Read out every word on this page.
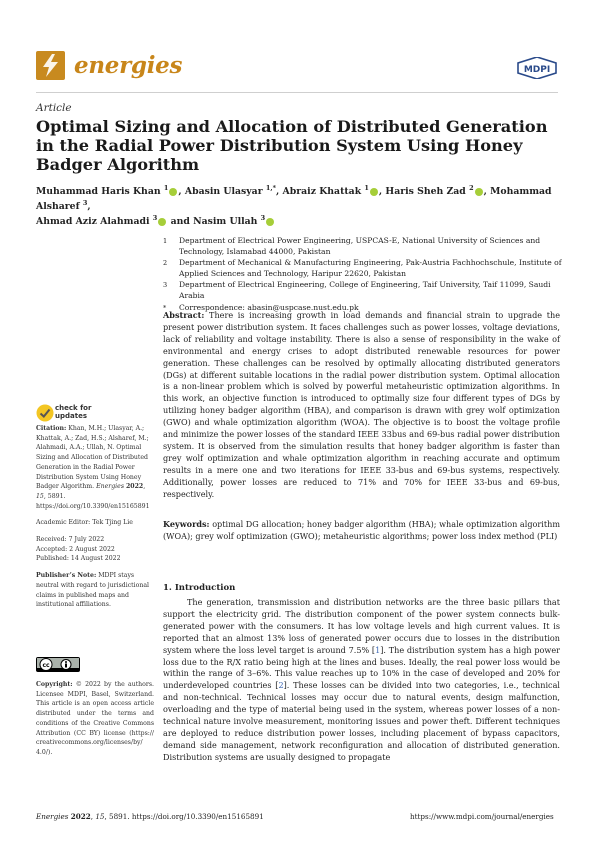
energies	MDPI
Article
Optimal Sizing and Allocation of Distributed Generation in the Radial Power Distribution System Using Honey Badger Algorithm
Muhammad Haris Khan $^1$ , Abasin Ulasyar $^{1,*}$, Abraiz Khattak $^1$ , Haris Sheh Zad $^2$ , Mohammad Alsharef $^3$,
Ahmad Aziz Alahmadi $^3$ and Nasim Ullah $^3$
1	Department of Electrical Power Engineering, USPCAS-E, National University of Sciences and Technology, Islamabad 44000, Pakistan
2	Department of Mechanical & Manufacturing Engineering, Pak-Austria Fachhochschule, Institute of Applied Sciences and Technology, Haripur 22620, Pakistan
3	Department of Electrical Engineering, College of Engineering, Taif University, Taif 11099, Saudi Arabia
*	Correspondence: abasin@uspcase.nust.edu.pk
Abstract: There is increasing growth in load demands and financial strain to upgrade the present power distribution system. It faces challenges such as power losses, voltage deviations, lack of reliability and voltage instability. There is also a sense of responsibility in the wake of environmental and energy crises to adopt distributed renewable resources for power generation. These challenges can be resolved by optimally allocating distributed generators (DGs) at different suitable locations in the radial power distribution system. Optimal allocation is a non-linear problem which is solved by powerful metaheuristic optimization algorithms. In this work, an objective function is introduced to optimally size four different types of DGs by utilizing honey badger algorithm (HBA), and comparison is drawn with grey wolf optimization (GWO) and whale optimization algorithm (WOA). The objective is to boost the voltage profile and minimize the power losses of the standard IEEE 33bus and 69-bus radial power distribution system. It is observed from the simulation results that honey badger algorithm is faster than grey wolf optimization and whale optimization algorithm in reaching accurate and optimum results in a mere one and two iterations for IEEE 33-bus and 69-bus systems, respectively. Additionally, power losses are reduced to 71% and 70% for IEEE 33-bus and 69-bus, respectively.
Keywords: optimal DG allocation; honey badger algorithm (HBA); whale optimization algorithm (WOA); grey wolf optimization (GWO); metaheuristic algorithms; power loss index method (PLI)
check for
updates

Citation: Khan, M.H.; Ulasyar, A.; Khattak, A.; Zad, H.S.; Alsharef, M.; Alahmadi, A.A.; Ullah, N. Optimal Sizing and Allocation of Distributed Generation in the Radial Power Distribution System Using Honey Badger Algorithm. Energies 2022, 15, 5891. https://doi.org/10.3390/en15165891

Academic Editor: Tek Tjing Lie

Received: 7 July 2022
Accepted: 2 August 2022

Published: 14 August 2022

Publisher’s Note: MDPI stays neutral with regard to jurisdictional claims in published maps and institutional affiliations.

cc
Copyright: © 2022 by the authors. Licensee MDPI, Basel, Switzerland. This article is an open access article distributed under the terms and conditions of the Creative Commons Attribution (CC BY) license (https:// creativecommons.org/licenses/by/ 4.0/).
1. Introduction
The generation, transmission and distribution networks are the three basic pillars that support the electricity grid. The distribution component of the power system connects bulk-generated power with the consumers. It has low voltage levels and high current values. It is reported that an almost 13% loss of generated power occurs due to losses in the distribution system where the loss level target is around 7.5% [1]. The distribution system has a high power loss due to the R/X ratio being high at the lines and buses. Ideally, the real power loss would be within the range of 3–6%. This value reaches up to 10% in the case of developed and 20% for underdeveloped countries [2]. These losses can be divided into two categories, i.e., technical and non-technical. Technical losses may occur due to natural events, design malfunction, overloading and the type of material being used in the system, whereas power losses of a non-technical nature involve measurement, monitoring issues and power theft. Different techniques are deployed to reduce distribution power losses, including placement of bypass capacitors, demand side management, network reconfiguration and allocation of distributed generation. Distribution systems are usually designed to propagate
Energies 2022, 15, 5891. https://doi.org/10.3390/en15165891	https://www.mdpi.com/journal/energies
